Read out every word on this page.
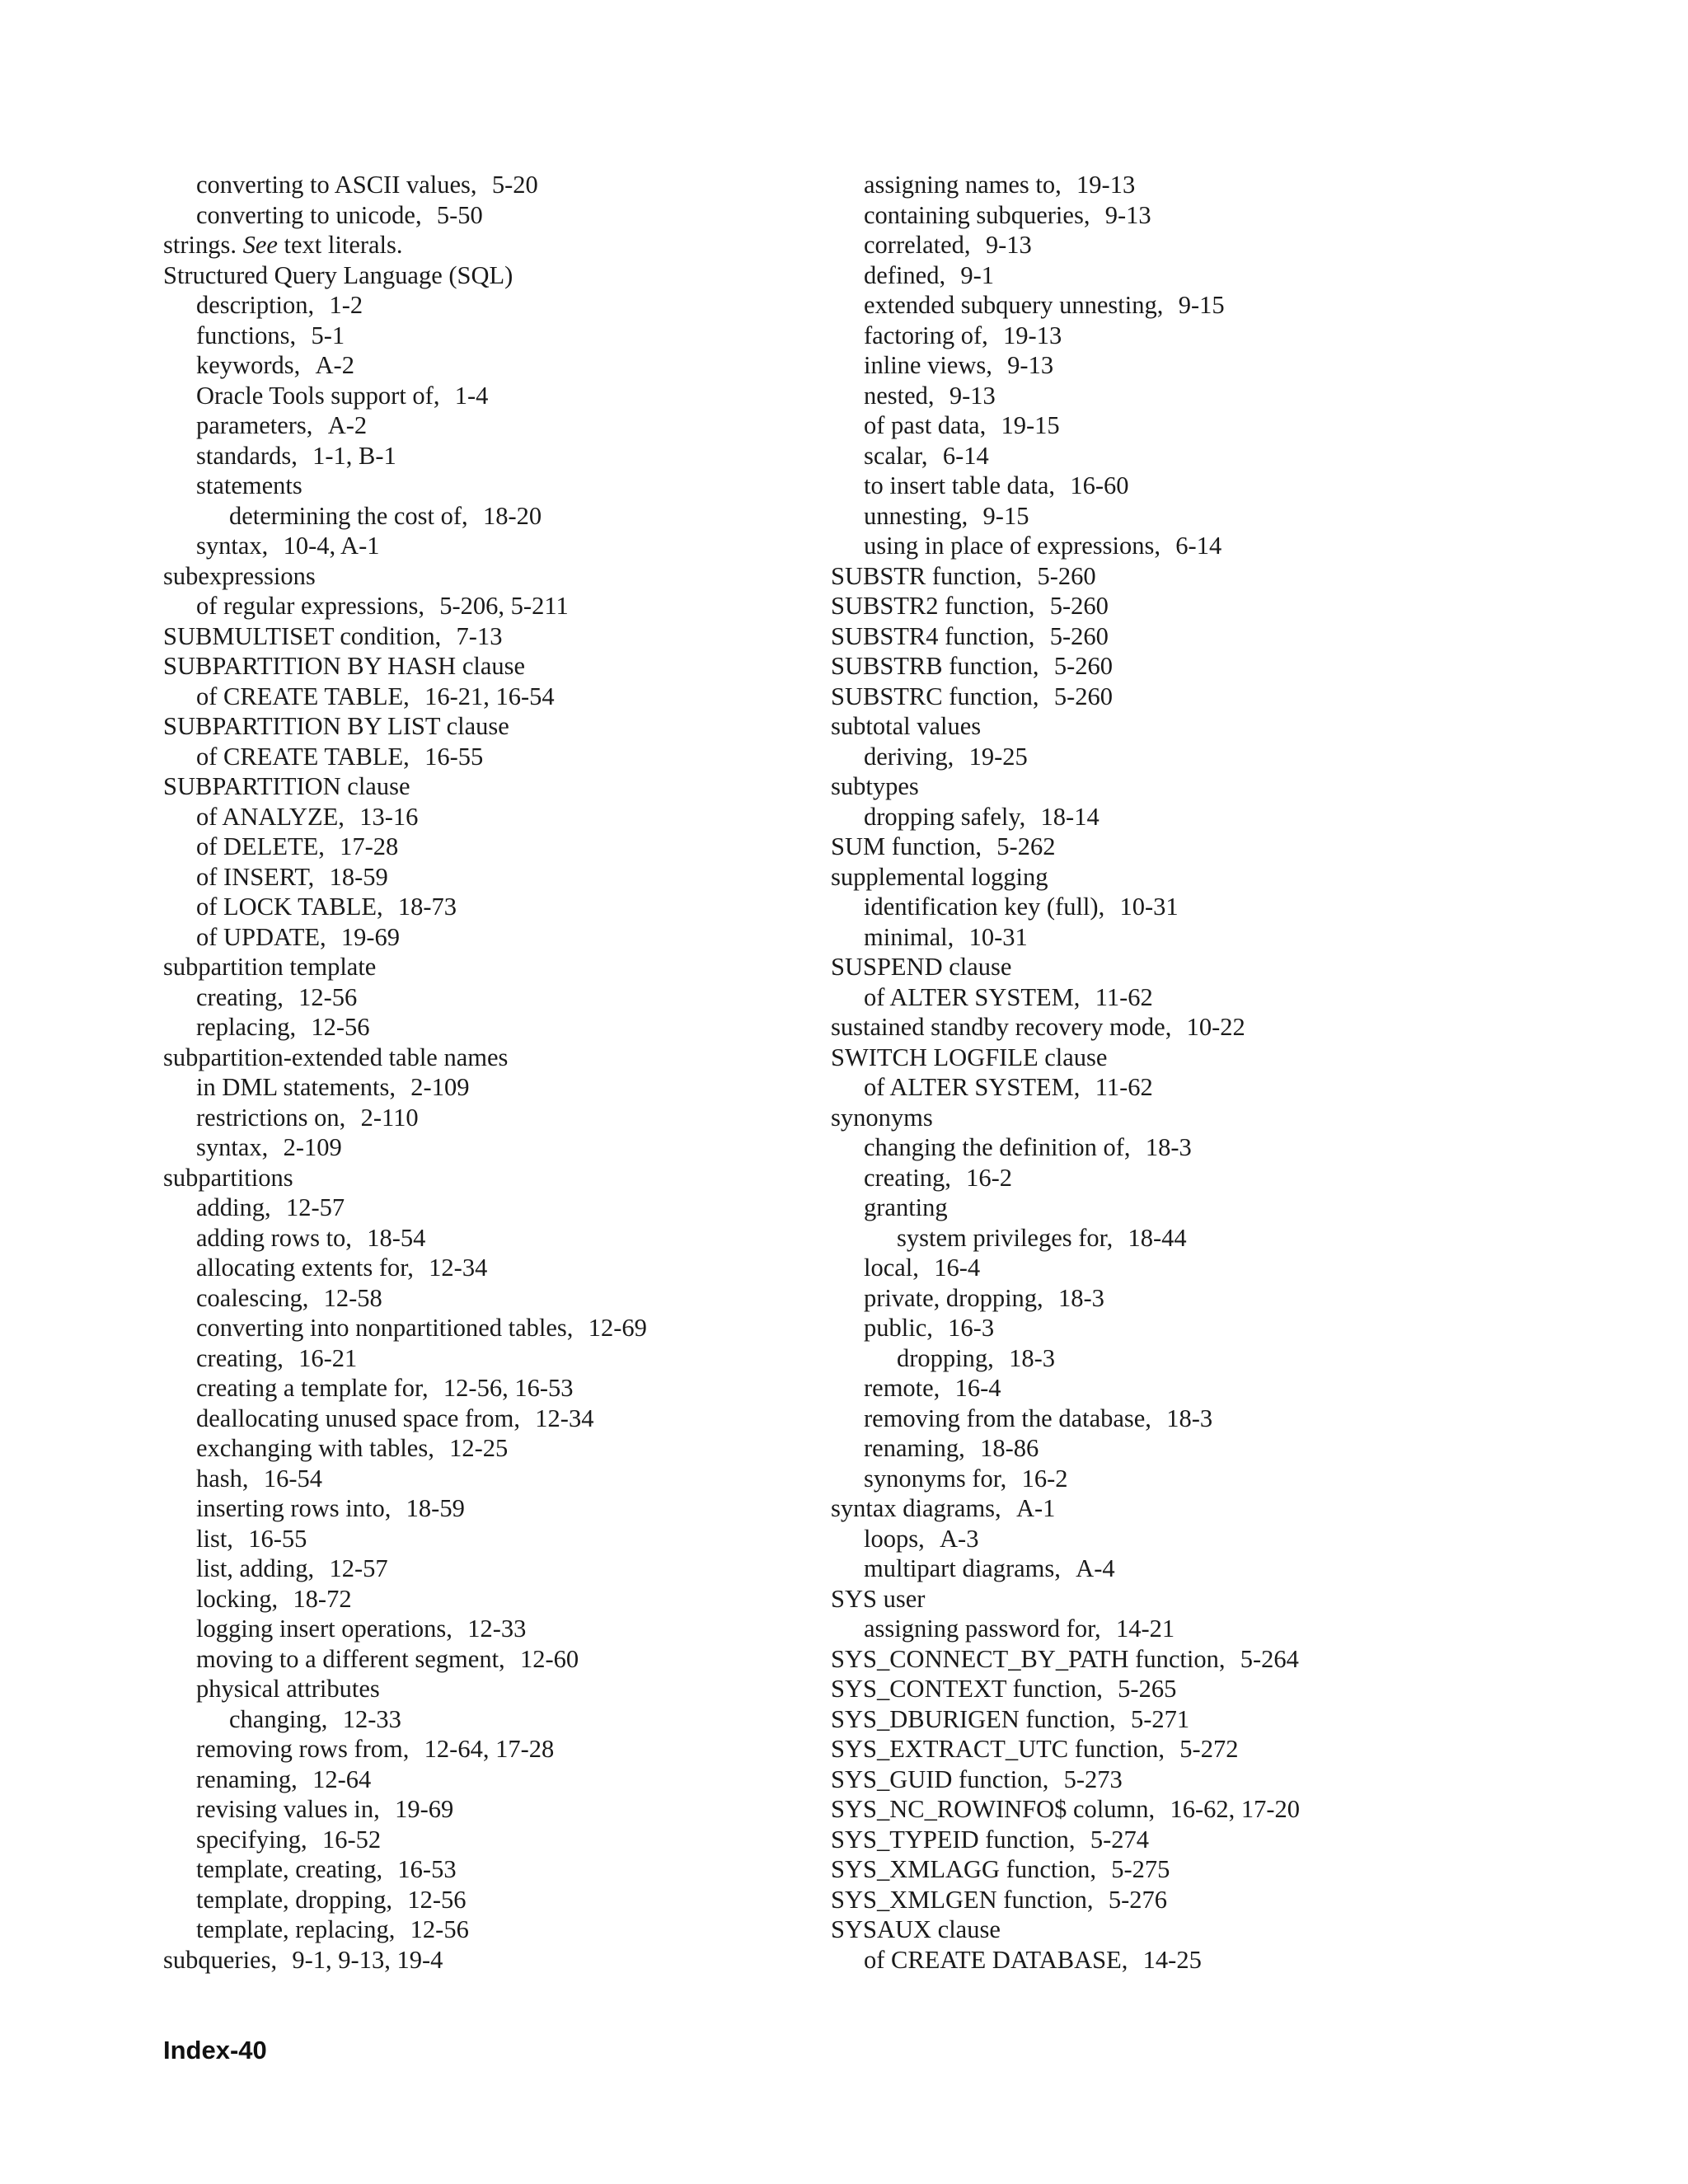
converting to ASCII values, 5-20
converting to unicode, 5-50
strings. See text literals.
Structured Query Language (SQL)
description, 1-2
functions, 5-1
keywords, A-2
Oracle Tools support of, 1-4
parameters, A-2
standards, 1-1, B-1
statements
determining the cost of, 18-20
syntax, 10-4, A-1
subexpressions
of regular expressions, 5-206, 5-211
SUBMULTISET condition, 7-13
SUBPARTITION BY HASH clause
of CREATE TABLE, 16-21, 16-54
SUBPARTITION BY LIST clause
of CREATE TABLE, 16-55
SUBPARTITION clause
of ANALYZE, 13-16
of DELETE, 17-28
of INSERT, 18-59
of LOCK TABLE, 18-73
of UPDATE, 19-69
subpartition template
creating, 12-56
replacing, 12-56
subpartition-extended table names
in DML statements, 2-109
restrictions on, 2-110
syntax, 2-109
subpartitions
adding, 12-57
adding rows to, 18-54
allocating extents for, 12-34
coalescing, 12-58
converting into nonpartitioned tables, 12-69
creating, 16-21
creating a template for, 12-56, 16-53
deallocating unused space from, 12-34
exchanging with tables, 12-25
hash, 16-54
inserting rows into, 18-59
list, 16-55
list, adding, 12-57
locking, 18-72
logging insert operations, 12-33
moving to a different segment, 12-60
physical attributes
changing, 12-33
removing rows from, 12-64, 17-28
renaming, 12-64
revising values in, 19-69
specifying, 16-52
template, creating, 16-53
template, dropping, 12-56
template, replacing, 12-56
subqueries, 9-1, 9-13, 19-4
assigning names to, 19-13
containing subqueries, 9-13
correlated, 9-13
defined, 9-1
extended subquery unnesting, 9-15
factoring of, 19-13
inline views, 9-13
nested, 9-13
of past data, 19-15
scalar, 6-14
to insert table data, 16-60
unnesting, 9-15
using in place of expressions, 6-14
SUBSTR function, 5-260
SUBSTR2 function, 5-260
SUBSTR4 function, 5-260
SUBSTRB function, 5-260
SUBSTRC function, 5-260
subtotal values
deriving, 19-25
subtypes
dropping safely, 18-14
SUM function, 5-262
supplemental logging
identification key (full), 10-31
minimal, 10-31
SUSPEND clause
of ALTER SYSTEM, 11-62
sustained standby recovery mode, 10-22
SWITCH LOGFILE clause
of ALTER SYSTEM, 11-62
synonyms
changing the definition of, 18-3
creating, 16-2
granting
system privileges for, 18-44
local, 16-4
private, dropping, 18-3
public, 16-3
dropping, 18-3
remote, 16-4
removing from the database, 18-3
renaming, 18-86
synonyms for, 16-2
syntax diagrams, A-1
loops, A-3
multipart diagrams, A-4
SYS user
assigning password for, 14-21
SYS_CONNECT_BY_PATH function, 5-264
SYS_CONTEXT function, 5-265
SYS_DBURIGEN function, 5-271
SYS_EXTRACT_UTC function, 5-272
SYS_GUID function, 5-273
SYS_NC_ROWINFO$ column, 16-62, 17-20
SYS_TYPEID function, 5-274
SYS_XMLAGG function, 5-275
SYS_XMLGEN function, 5-276
SYSAUX clause
of CREATE DATABASE, 14-25
Index-40
